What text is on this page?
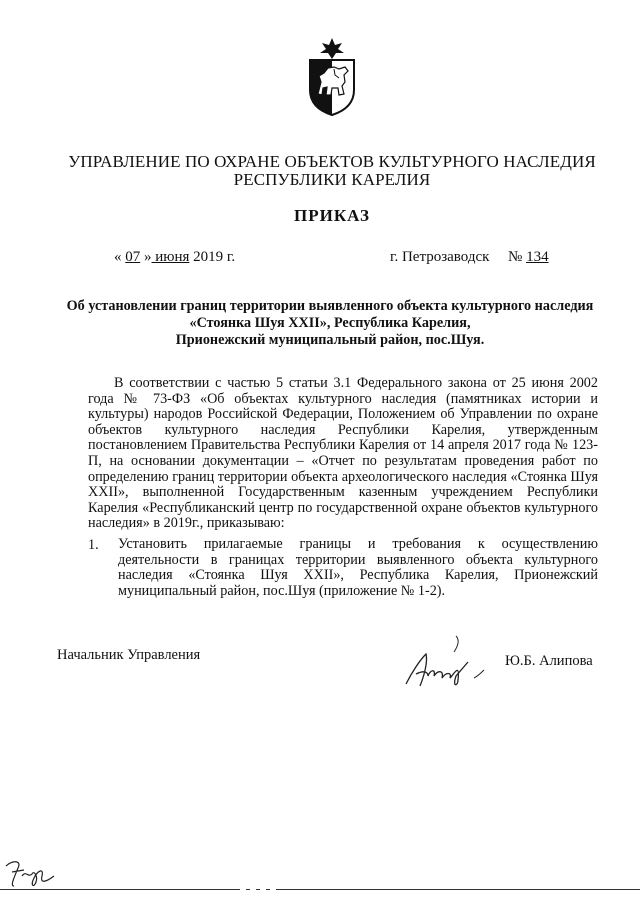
УПРАВЛЕНИЕ ПО ОХРАНЕ ОБЪЕКТОВ КУЛЬТУРНОГО НАСЛЕДИЯ
РЕСПУБЛИКИ КАРЕЛИЯ
ПРИКАЗ
« 07 » июня 2019 г.	г. Петрозаводск № 134
Об установлении границ территории выявленного объекта культурного наследия
«Стоянка Шуя XXII», Республика Карелия,
Прионежский муниципальный район, пос.Шуя.
В соответствии с частью 5 статьи 3.1 Федерального закона от 25 июня 2002 года № 73-ФЗ «Об объектах культурного наследия (памятниках истории и культуры) народов Российской Федерации, Положением об Управлении по охране объектов культурного наследия Республики Карелия, утвержденным постановлением Правительства Республики Карелия от 14 апреля 2017 года № 123-П, на основании документации – «Отчет по результатам проведения работ по определению границ территории объекта археологического наследия «Стоянка Шуя XXII», выполненной Государственным казенным учреждением Республики Карелия «Республиканский центр по государственной охране объектов культурного наследия» в 2019г., приказываю:
1. Установить прилагаемые границы и требования к осуществлению деятельности в границах территории выявленного объекта культурного наследия «Стоянка Шуя XXII», Республика Карелия, Прионежский муниципальный район, пос.Шуя (приложение № 1-2).
Начальник Управления	Ю.Б. Алипова
